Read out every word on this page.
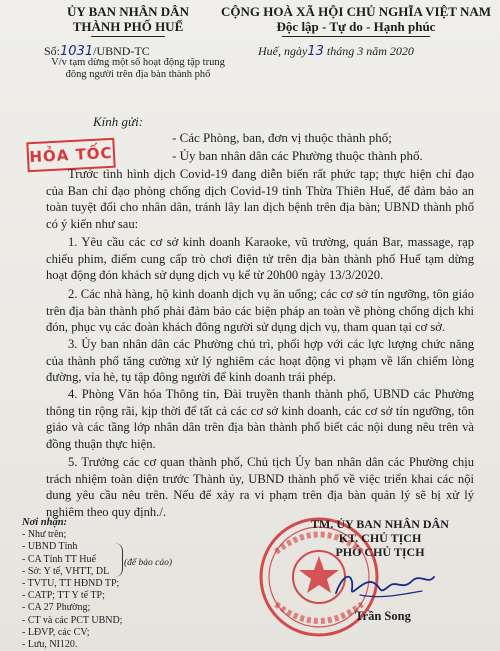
ỦY BAN NHÂN DÂN
THÀNH PHỐ HUẾ
CỘNG HOÀ XÃ HỘI CHỦ NGHĨA VIỆT NAM
Độc lập - Tự do - Hạnh phúc
Số:1031/UBND-TC	Huế, ngày13 tháng 3 năm 2020
V/v tạm dừng một số hoạt động tập trung
đông người trên địa bàn thành phố
HỎA TỐC
Kính gửi:
- Các Phòng, ban, đơn vị thuộc thành phố;
- Ủy ban nhân dân các Phường thuộc thành phố.

Trước tình hình dịch Covid-19 đang diễn biến rất phức tạp; thực hiện chỉ đạo của Ban chỉ đạo phòng chống dịch Covid-19 tỉnh Thừa Thiên Huế, để đảm bảo an toàn tuyệt đối cho nhân dân, tránh lây lan dịch bệnh trên địa bàn; UBND thành phố có ý kiến như sau:

1. Yêu cầu các cơ sở kinh doanh Karaoke, vũ trường, quán Bar, massage, rạp chiếu phim, điểm cung cấp trò chơi điện tử trên địa bàn thành phố Huế tạm dừng hoạt động đón khách sử dụng dịch vụ kể từ 20h00 ngày 13/3/2020.

2. Các nhà hàng, hộ kinh doanh dịch vụ ăn uống; các cơ sở tín ngưỡng, tôn giáo trên địa bàn thành phố phải đảm bảo các biện pháp an toàn về phòng chống dịch khi đón, phục vụ các đoàn khách đông người sử dụng dịch vụ, tham quan tại cơ sở.

3. Ủy ban nhân dân các Phường chủ trì, phối hợp với các lực lượng chức năng của thành phố tăng cường xử lý nghiêm các hoạt động vi phạm về lấn chiếm lòng đường, vỉa hè, tụ tập đông người để kinh doanh trái phép.

4. Phòng Văn hóa Thông tin, Đài truyền thanh thành phố, UBND các Phường thông tin rộng rãi, kịp thời để tất cả các cơ sở kinh doanh, các cơ sở tín ngưỡng, tôn giáo và các tầng lớp nhân dân trên địa bàn thành phố biết các nội dung nêu trên và đồng thuận thực hiện.

5. Trưởng các cơ quan thành phố, Chủ tịch Ủy ban nhân dân các Phường chịu trách nhiệm toàn diện trước Thành ủy, UBND thành phố về việc triển khai các nội dung yêu cầu nêu trên. Nếu để xảy ra vi phạm trên địa bàn quản lý sẽ bị xử lý nghiêm theo quy định./.

Nơi nhận:
- Như trên;
- UBND Tỉnh
- CA Tỉnh TT Huế
- Sở: Y tế, VHTT, DL
- TVTU, TT HĐND TP;
- CATP; TT Y tế TP;
- CA 27 Phường;
- CT và các PCT UBND;
- LĐVP, các CV;
- Lưu, NI120.
(để báo cáo)
TM. ỦY BAN NHÂN DÂN
KT. CHỦ TỊCH
PHÓ CHỦ TỊCH
Trần Song
